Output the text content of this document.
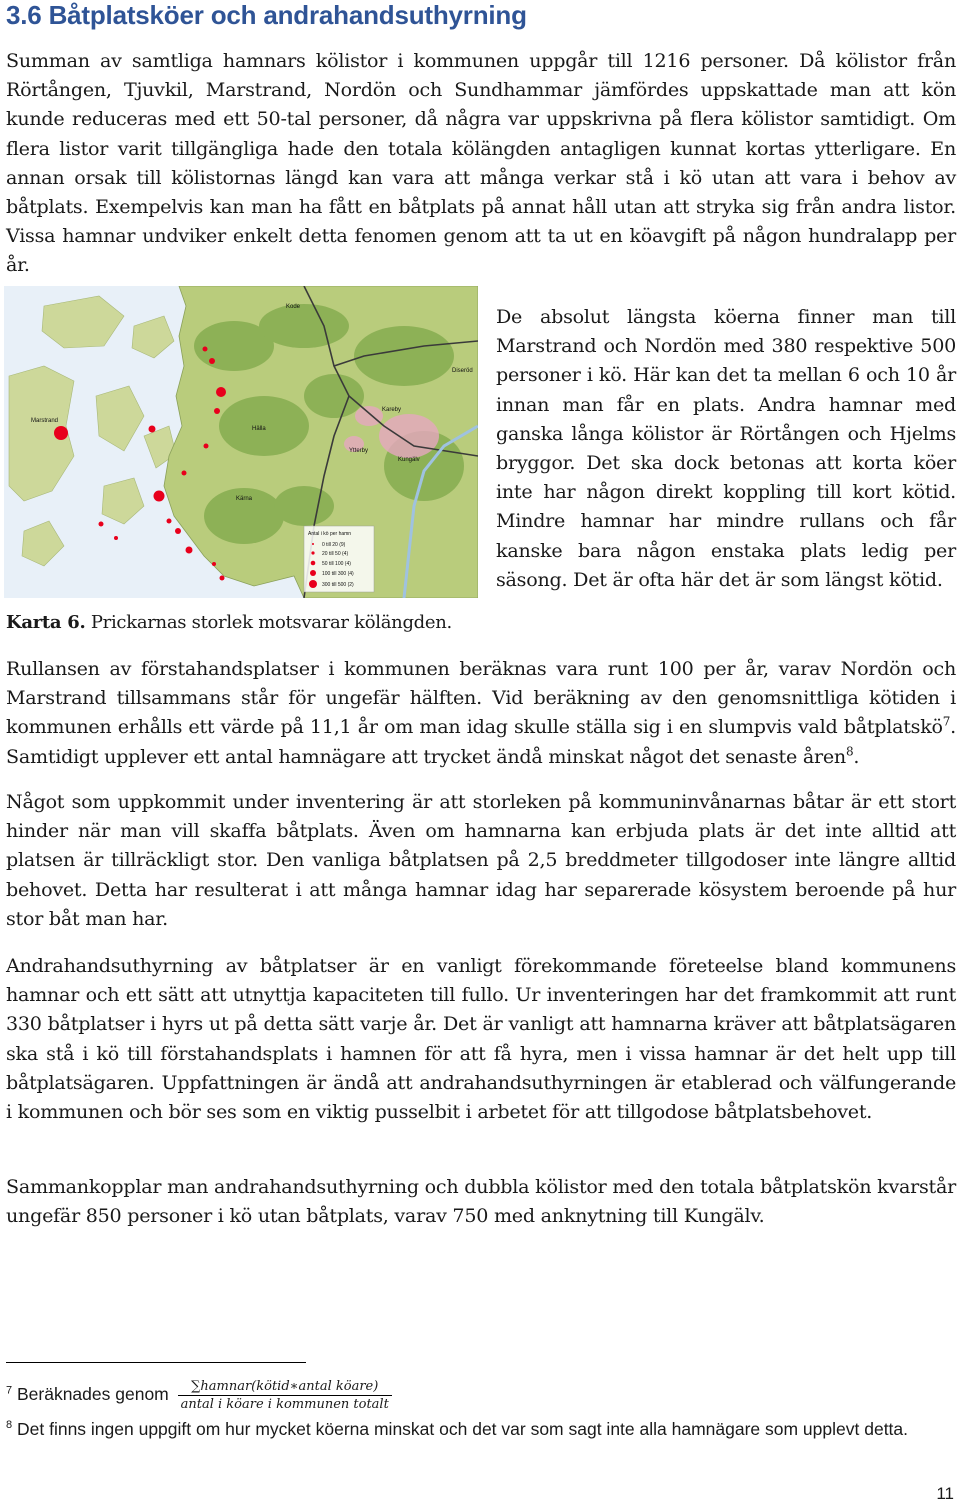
3.6 Båtplatsköer och andrahandsuthyrning

Summan av samtliga hamnars kölistor i kommunen uppgår till 1216 personer. Då kölistor från Rörtången, Tjuvkil, Marstrand, Nordön och Sundhammar jämfördes uppskattade man att kön kunde reduceras med ett 50-tal personer, då några var uppskrivna på flera kölistor samtidigt. Om flera listor varit tillgängliga hade den totala kölängden antagligen kunnat kortas ytterligare. En annan orsak till kölistornas längd kan vara att många verkar stå i kö utan att vara i behov av båtplats. Exempelvis kan man ha fått en båtplats på annat håll utan att stryka sig från andra listor. Vissa hamnar undviker enkelt detta fenomen genom att ta ut en köavgift på någon hundralapp per år.

Kode
Marstrand
Hälla
Kärna
Kareby
Kungälv
Ytterby
Diseröd
Antal i kö per hamn
0 till 20 (9)
20 till 50 (4)
50 till 100 (4)
100 till 300 (4)
300 till 500 (2)

De absolut längsta köerna finner man till Marstrand och Nordön med 380 respektive 500 personer i kö. Här kan det ta mellan 6 och 10 år innan man får en plats. Andra hamnar med ganska långa kölistor är Rörtången och Hjelms bryggor. Det ska dock betonas att korta köer inte har någon direkt koppling till kort kötid. Mindre hamnar har mindre rullans och får kanske bara någon enstaka plats ledig per säsong. Det är ofta här det är som längst kötid.

Karta 6. Prickarnas storlek motsvarar kölängden.

Rullansen av förstahandsplatser i kommunen beräknas vara runt 100 per år, varav Nordön och Marstrand tillsammans står för ungefär hälften. Vid beräkning av den genomsnittliga kötiden i kommunen erhålls ett värde på 11,1 år om man idag skulle ställa sig i en slumpvis vald båtplatskö$^7$. Samtidigt upplever ett antal hamnägare att trycket ändå minskat något det senaste åren$^8$.

Något som uppkommit under inventering är att storleken på kommuninvånarnas båtar är ett stort hinder när man vill skaffa båtplats. Även om hamnarna kan erbjuda plats är det inte alltid att platsen är tillräckligt stor. Den vanliga båtplatsen på 2,5 breddmeter tillgodoser inte längre alltid behovet. Detta har resulterat i att många hamnar idag har separerade kösystem beroende på hur stor båt man har.

Andrahandsuthyrning av båtplatser är en vanligt förekommande företeelse bland kommunens hamnar och ett sätt att utnyttja kapaciteten till fullo. Ur inventeringen har det framkommit att runt 330 båtplatser i hyrs ut på detta sätt varje år. Det är vanligt att hamnarna kräver att båtplatsägaren ska stå i kö till förstahandsplats i hamnen för att få hyra, men i vissa hamnar är det helt upp till båtplatsägaren. Uppfattningen är ändå att andrahandsuthyrningen är etablerad och välfungerande i kommunen och bör ses som en viktig pusselbit i arbetet för att tillgodose båtplatsbehovet.

Sammankopplar man andrahandsuthyrning och dubbla kölistor med den totala båtplatskön kvarstår ungefär 850 personer i kö utan båtplats, varav 750 med anknytning till Kungälv.

$^7$ Beräknades genom $\frac{\text{∑hamnar(kötid∗antal köare)}}{\text{antal i köare i kommunen totalt}}$

$^8$ Det finns ingen uppgift om hur mycket köerna minskat och det var som sagt inte alla hamnägare som upplevt detta.

11
